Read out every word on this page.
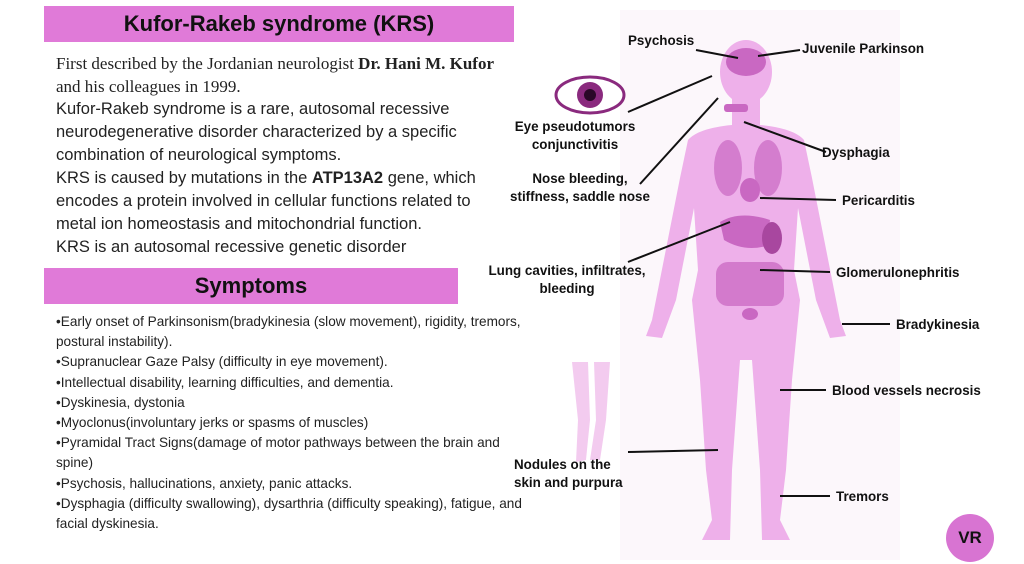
Kufor-Rakeb syndrome (KRS)
First described by the Jordanian neurologist Dr. Hani M. Kufor and his colleagues in 1999.
Kufor-Rakeb syndrome is a rare, autosomal recessive neurodegenerative disorder characterized by a specific combination of neurological symptoms.
KRS is caused by mutations in the ATP13A2 gene, which encodes a protein involved in cellular functions related to metal ion homeostasis and mitochondrial function.
KRS is an autosomal recessive genetic disorder
Symptoms
•Early onset of Parkinsonism(bradykinesia (slow movement), rigidity, tremors, postural instability).
•Supranuclear Gaze Palsy (difficulty in eye movement).
•Intellectual disability, learning difficulties, and dementia.
•Dyskinesia, dystonia
•Myoclonus(involuntary jerks or spasms of muscles)
•Pyramidal Tract Signs(damage of motor pathways between the brain and spine)
•Psychosis, hallucinations, anxiety, panic attacks.
•Dysphagia (difficulty swallowing), dysarthria (difficulty speaking), fatigue, and facial dyskinesia.
Psychosis
Juvenile Parkinson
Eye pseudotumors
conjunctivitis
Dysphagia
Nose bleeding,
stiffness, saddle nose	Pericarditis
Lung cavities, infiltrates,
bleeding
Glomerulonephritis
Bradykinesia
Blood vessels necrosis
Nodules on the
skin and purpura
Tremors
VR
